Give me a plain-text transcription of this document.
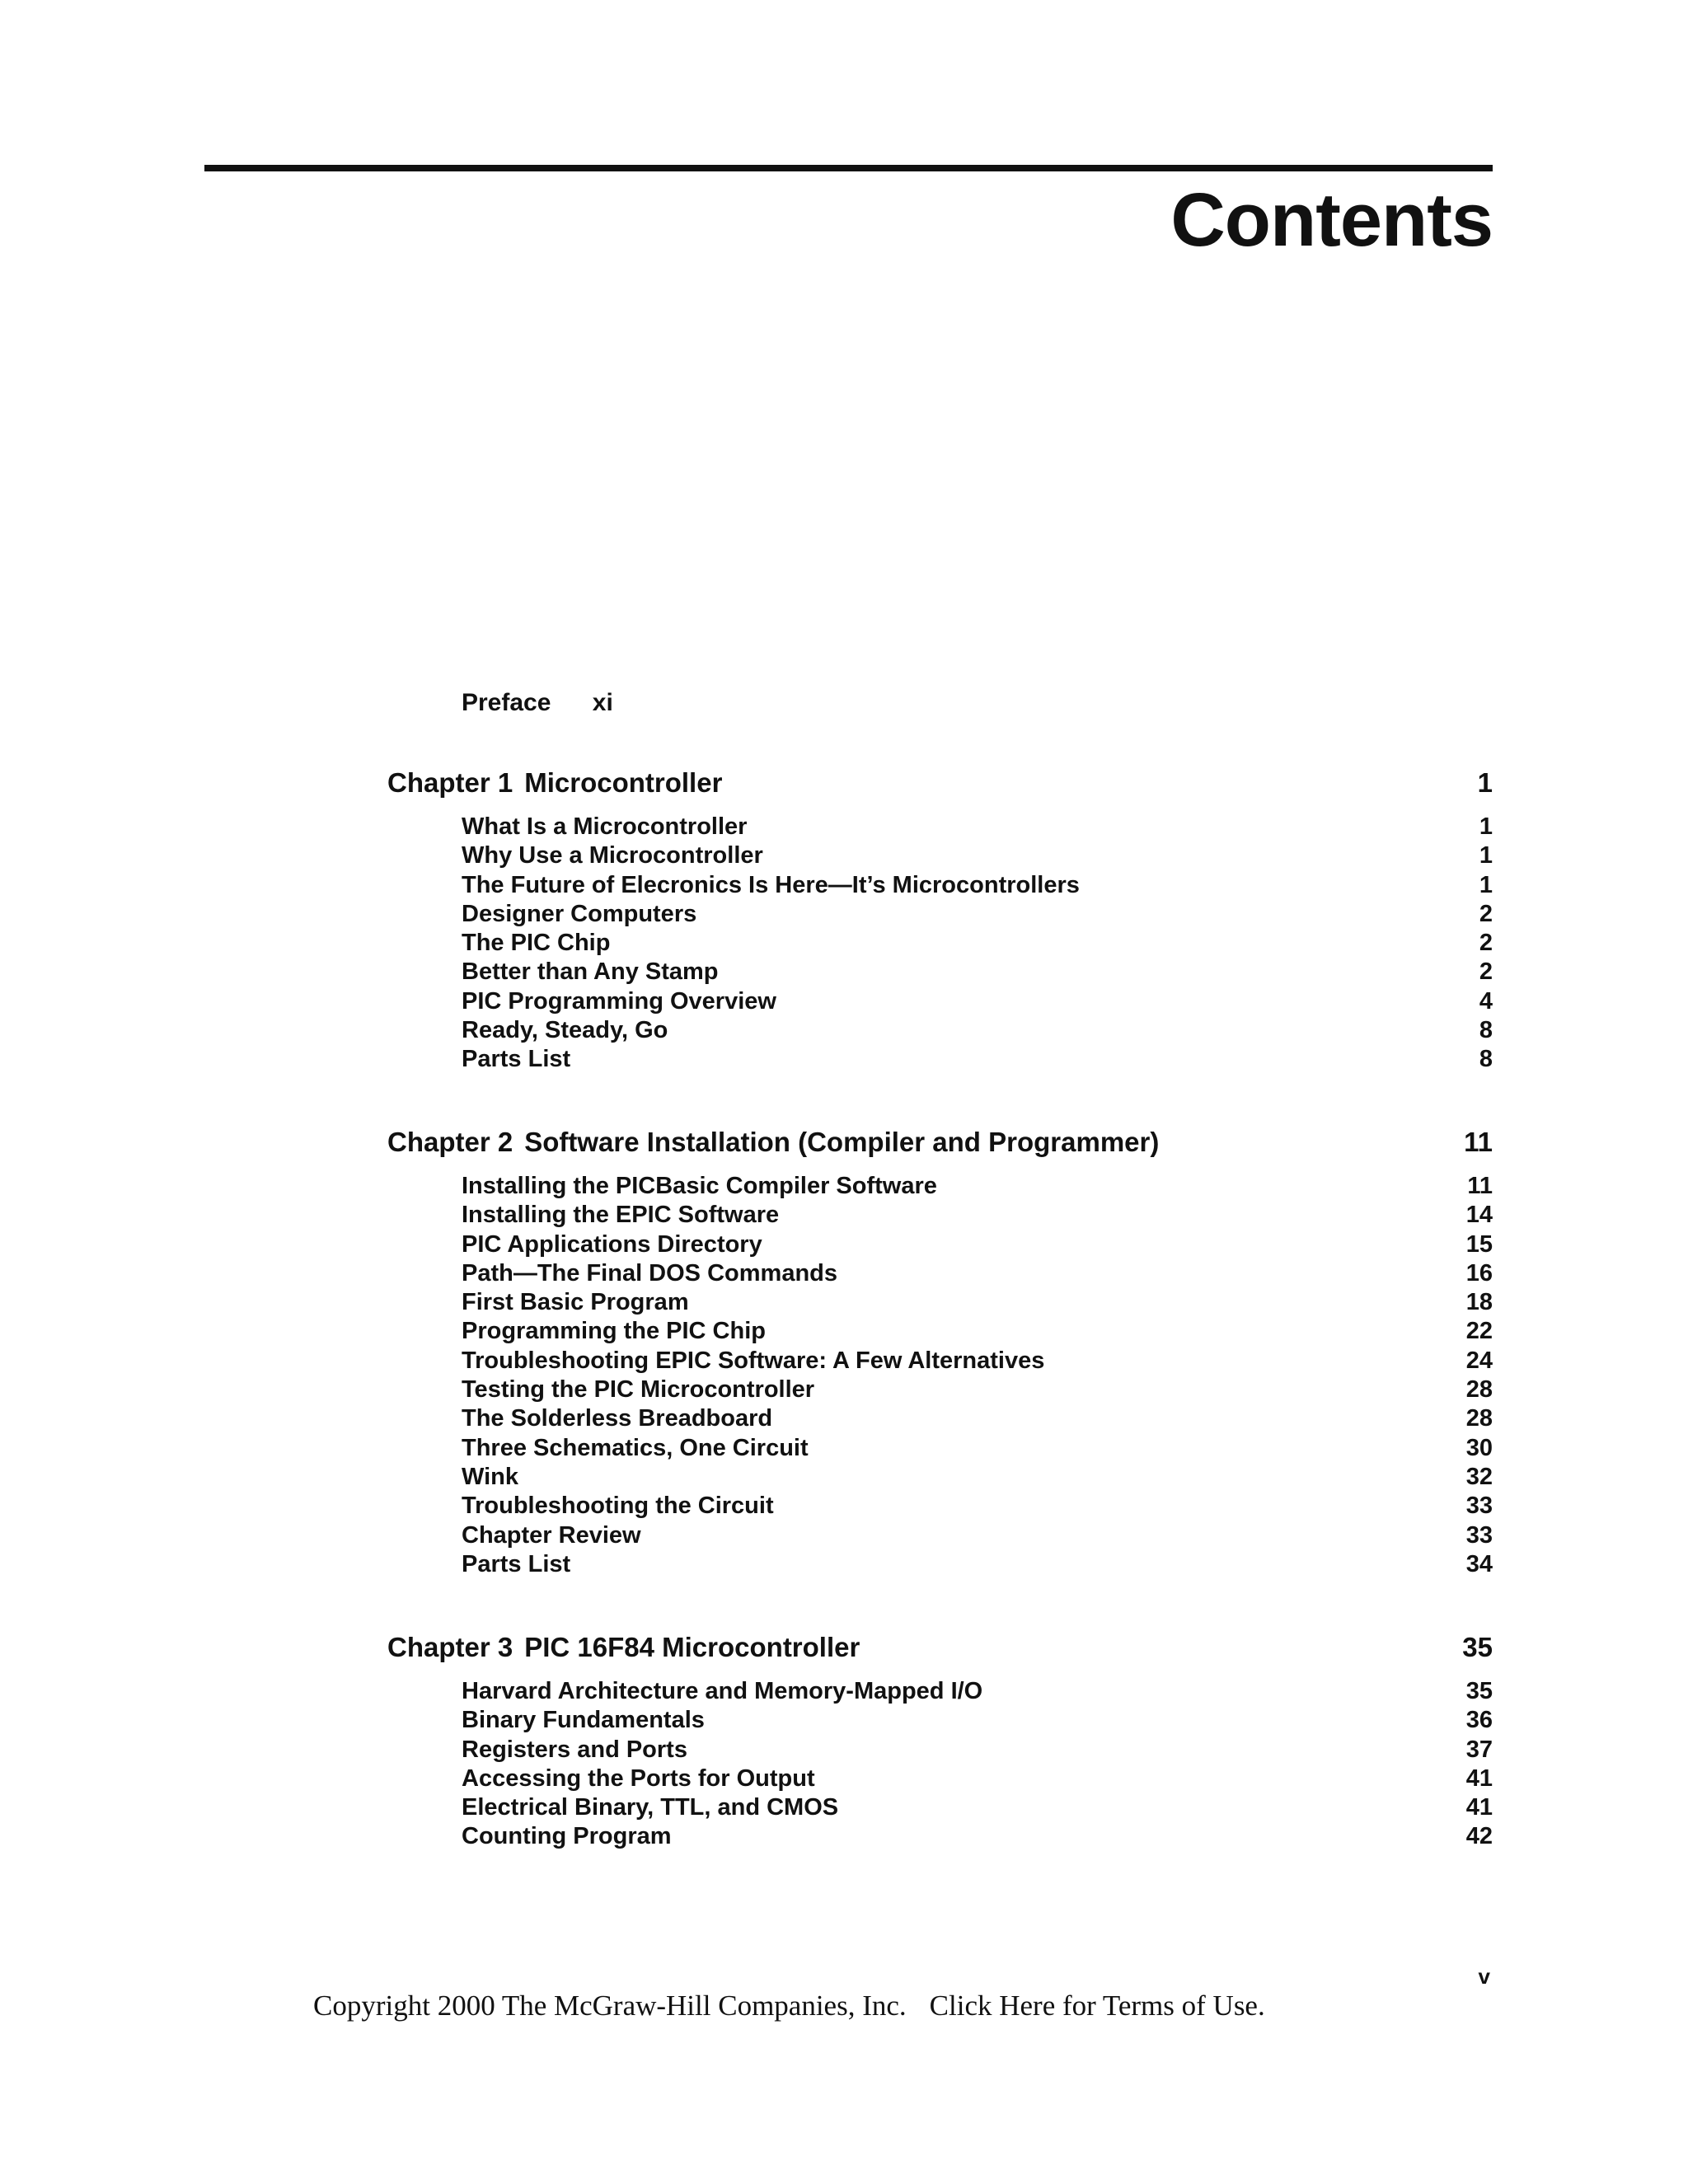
Contents
Preface xi
Chapter 1 Microcontroller	1
What Is a Microcontroller	1
Why Use a Microcontroller	1
The Future of Elecronics Is Here—It’s Microcontrollers	1
Designer Computers	2
The PIC Chip	2
Better than Any Stamp	2
PIC Programming Overview	4
Ready, Steady, Go	8
Parts List	8
Chapter 2 Software Installation (Compiler and Programmer)	11
Installing the PICBasic Compiler Software	11
Installing the EPIC Software	14
PIC Applications Directory	15
Path—The Final DOS Commands	16
First Basic Program	18
Programming the PIC Chip	22
Troubleshooting EPIC Software: A Few Alternatives	24
Testing the PIC Microcontroller	28
The Solderless Breadboard	28
Three Schematics, One Circuit	30
Wink	32
Troubleshooting the Circuit	33
Chapter Review	33
Parts List	34
Chapter 3 PIC 16F84 Microcontroller	35
Harvard Architecture and Memory-Mapped I/O	35
Binary Fundamentals	36
Registers and Ports	37
Accessing the Ports for Output	41
Electrical Binary, TTL, and CMOS	41
Counting Program	42
v
Copyright 2000 The McGraw-Hill Companies, Inc. Click Here for Terms of Use.
